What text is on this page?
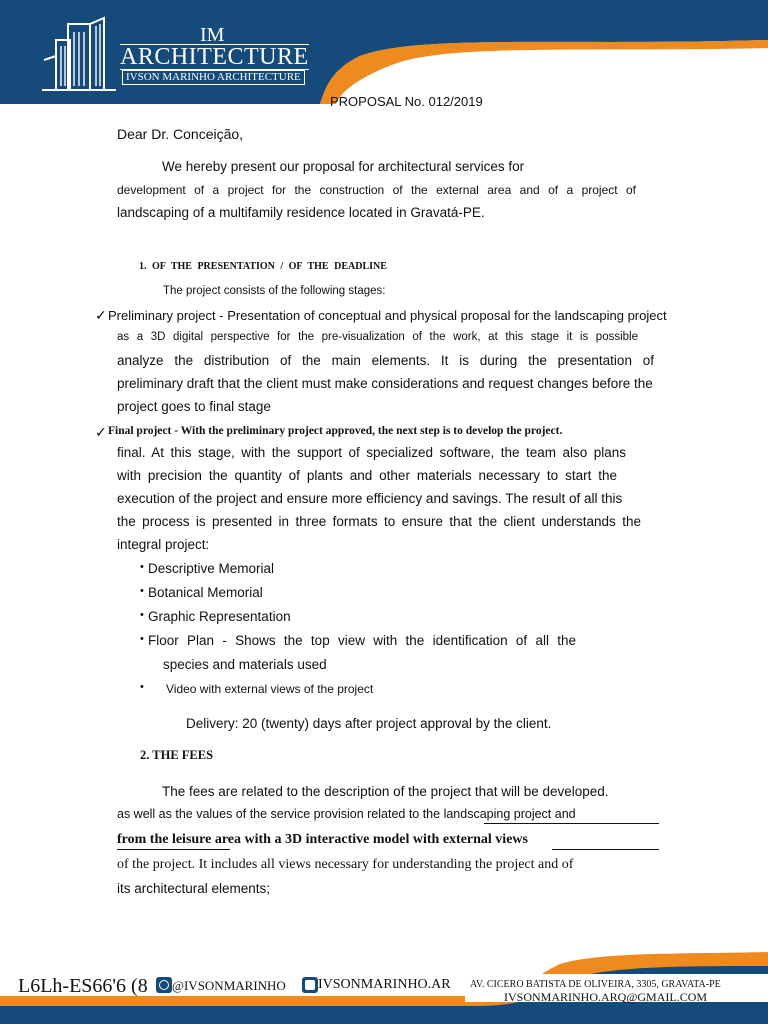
IM
ARCHITECTURE
IVSON MARINHO ARCHITECTURE
PROPOSAL No. 012/2019
Dear Dr. Conceição,
We hereby present our proposal for architectural services for
development of a project for the construction of the external area and of a project of
landscaping of a multifamily residence located in Gravatá-PE.
1. OF THE PRESENTATION / OF THE DEADLINE
The project consists of the following stages:
✓ Preliminary project - Presentation of conceptual and physical proposal for the landscaping project
as a 3D digital perspective for the pre-visualization of the work, at this stage it is possible
analyze the distribution of the main elements. It is during the presentation of
preliminary draft that the client must make considerations and request changes before the
project goes to final stage
✓ Final project - With the preliminary project approved, the next step is to develop the project.
final. At this stage, with the support of specialized software, the team also plans
with precision the quantity of plants and other materials necessary to start the
execution of the project and ensure more efficiency and savings. The result of all this
the process is presented in three formats to ensure that the client understands the
integral project:
• Descriptive Memorial
• Botanical Memorial
• Graphic Representation
• Floor Plan - Shows the top view with the identification of all the
species and materials used
• Video with external views of the project
Delivery: 20 (twenty) days after project approval by the client.
2. THE FEES
The fees are related to the description of the project that will be developed.
as well as the values of the service provision related to the landscaping project and
from the leisure area with a 3D interactive model with external views
of the project. It includes all views necessary for understanding the project and of
its architectural elements;
L6Lh-ES66'6 (8 @IVSONMARINHO IVSONMARINHO.AR AV. CICERO BATISTA DE OLIVEIRA, 3305, GRAVATA-PE
IVSONMARINHO.ARQ@GMAIL.COM
